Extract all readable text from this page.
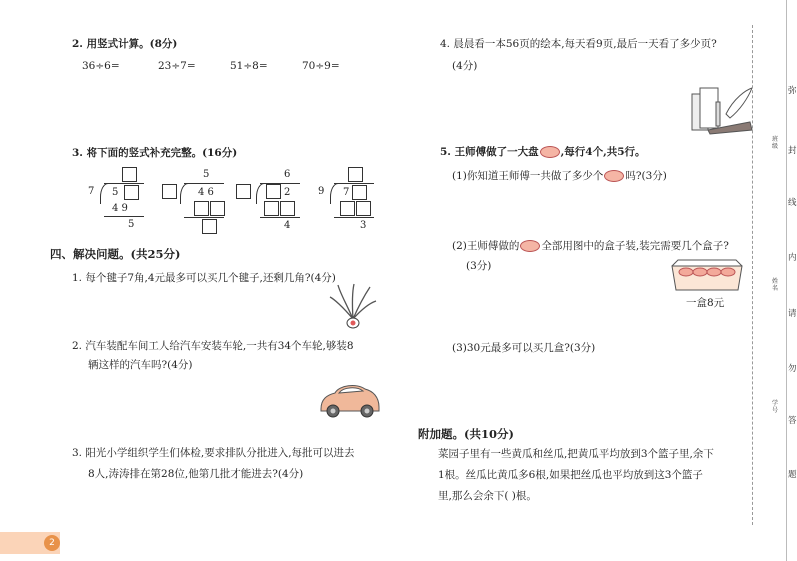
2. 用竖式计算。(8分)
36÷6=	23÷7=	51÷8=	70÷9=
3. 将下面的竖式补充完整。(16分)
7 5
4 9
5
5
4 6
6
2
4
9 7
3
四、解决问题。(共25分)
1. 每个毽子7角,4元最多可以买几个毽子,还剩几角?(4分)
2. 汽车装配车间工人给汽车安装车轮,一共有34个车轮,够装8
辆这样的汽车吗?(4分)
3. 阳光小学组织学生们体检,要求排队分批进入,每批可以进去
8人,涛涛排在第28位,他第几批才能进去?(4分)
2
4. 晨晨看一本56页的绘本,每天看9页,最后一天看了多少页?
(4分)
5. 王师傅做了一大盘 ,每行4个,共5行。
(1)你知道王师傅一共做了多少个 吗?(3分)
(2)王师傅做的 全部用图中的盒子装,装完需要几个盒子?
(3分)
一盒8元
(3)30元最多可以买几盒?(3分)
附加题。(共10分)
菜园子里有一些黄瓜和丝瓜,把黄瓜平均放到3个篮子里,余下
1根。丝瓜比黄瓜多6根,如果把丝瓜也平均放到这3个篮子
里,那么会余下( )根。
弥
封
线
内
请
勿
答
题
班级
姓名
学号
